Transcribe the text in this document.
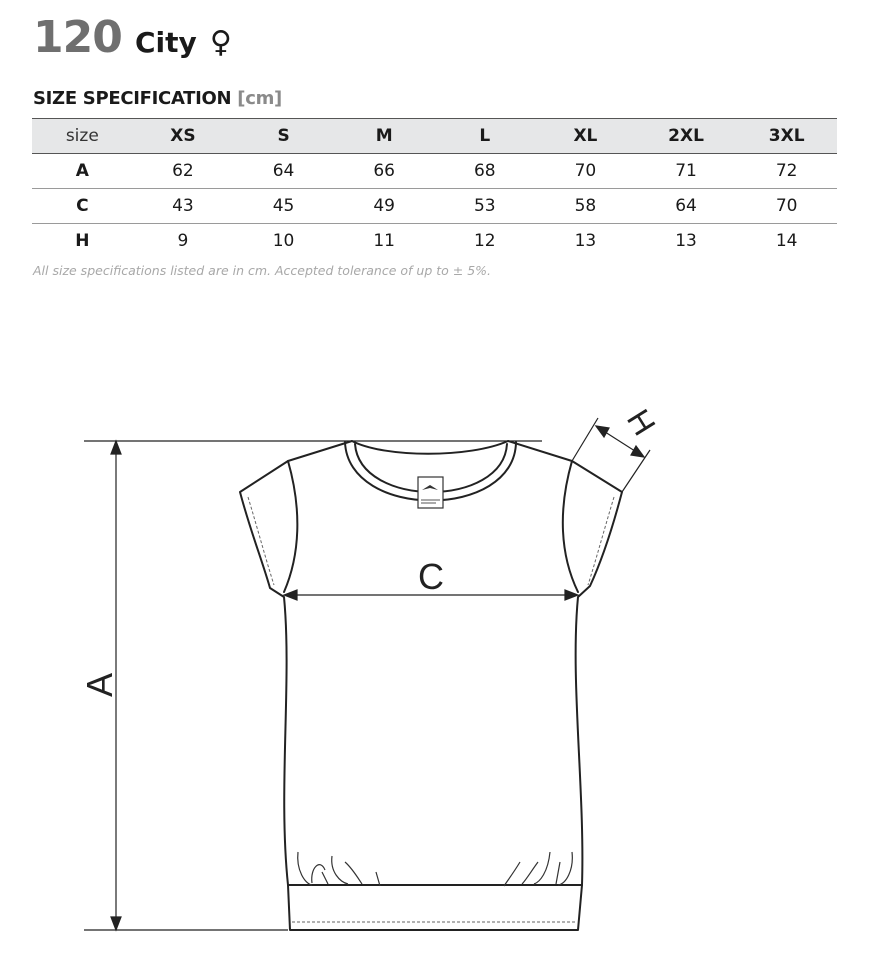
120 City ♀
SIZE SPECIFICATION [cm]
size	XS	S	M	L	XL	2XL	3XL
A	62	64	66	68	70	71	72
C	43	45	49	53	58	64	70
H	9	10	11	12	13	13	14
All size specifications listed are in cm. Accepted tolerance of up to ± 5%.
A
C
H
